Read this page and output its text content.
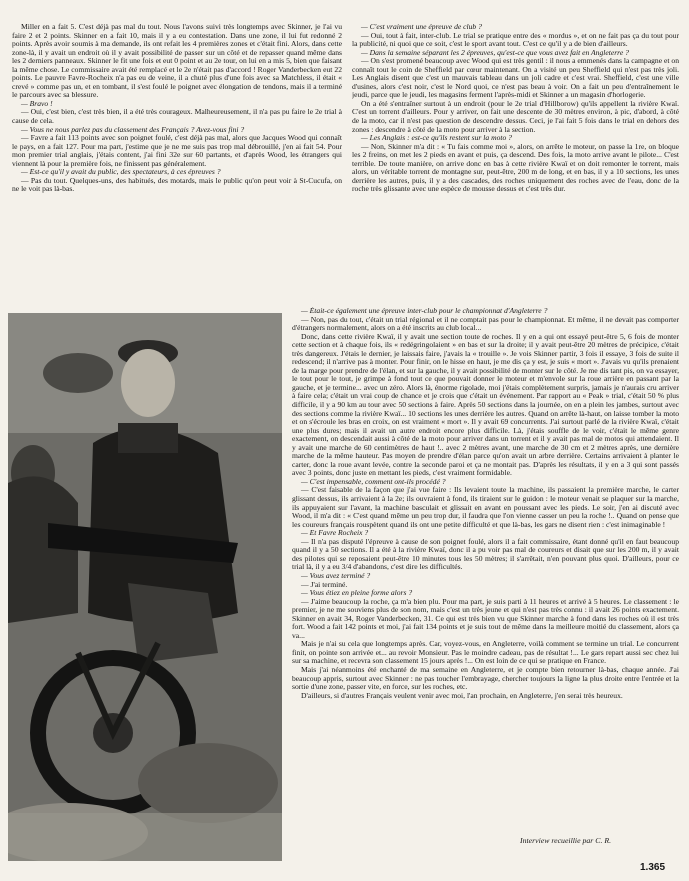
Miller en a fait 5. C'est déjà pas mal du tout. Nous l'avons suivi très longtemps avec Skinner, je l'ai vu faire 2 et 2 points. Skinner en a fait 10, mais il y a eu contestation. Dans une zone, il lui fut redonné 2 points. Après avoir soumis à ma demande, ils ont refait les 4 premières zones et c'était fini. Alors, dans cette zone-là, il y avait un endroit où il y avait possibilité de passer sur un côté et de repasser quand même dans les 2 derniers panneaux. Skinner le fit une fois et eut 0 point et au 2e tour, on lui en a mis 5, bien que faisant la même chose. Le commissaire avait été remplacé et le 2e n'était pas d'accord ! Roger Vanderbecken eut 22 points. Le pauvre Favre-Rocheix n'a pas eu de veine, il a chuté plus d'une fois avec sa Matchless, il était « crevé » comme pas un, et en tombant, il s'est foulé le poignet avec élongation de tendons, mais il a terminé le parcours avec sa blessure.

— Bravo !

— Oui, c'est bien, c'est très bien, il a été très courageux. Malheureusement, il n'a pas pu faire le 2e trial à cause de cela.

— Vous ne nous parlez pas du classement des Français ? Avez-vous fini ?

— Favre a fait 113 points avec son poignet foulé, c'est déjà pas mal, alors que Jacques Wood qui connaît le pays, en a fait 127. Pour ma part, j'estime que je ne me suis pas trop mal débrouillé, j'en ai fait 54. Pour mon premier trial anglais, j'étais content, j'ai fini 32e sur 60 partants, et d'après Wood, les étrangers qui viennent là pour la première fois, ne finissent pas généralement.

— Est-ce qu'il y avait du public, des spectateurs, à ces épreuves ?

— Pas du tout. Quelques-uns, des habitués, des motards, mais le public qu'on peut voir à St-Cucufa, on ne le voit pas là-bas.

— C'est vraiment une épreuve de club ?

— Oui, tout à fait, inter-club. Le trial se pratique entre des « mordus », et on ne fait pas ça du tout pour la publicité, ni quoi que ce soit, c'est le sport avant tout. C'est ce qu'il y a de bien d'ailleurs.

— Dans la semaine séparant les 2 épreuves, qu'est-ce que vous avez fait en Angleterre ?

— On s'est promené beaucoup avec Wood qui est très gentil : il nous a emmenés dans la campagne et on connaît tout le coin de Sheffield par cœur maintenant. On a visité un peu Sheffield qui n'est pas très joli. Les Anglais disent que c'est un mauvais tableau dans un joli cadre et c'est vrai. Sheffield, c'est une ville d'usines, alors c'est noir, c'est le Nord quoi, ce n'est pas beau à voir. On a fait un peu d'entraînement le jeudi, parce que le jeudi, les magasins ferment l'après-midi et Skinner a un magasin d'horlogerie.

On a été s'entraîner surtout à un endroit (pour le 2e trial d'Hillborow) qu'ils appellent la rivière Kwaï. C'est un torrent d'ailleurs. Pour y arriver, on fait une descente de 30 mètres environ, à pic, d'abord, à côté de la moto, car il n'est pas question de descendre dessus. Ceci, je l'ai fait 5 fois dans le trial en dehors des zones : descendre à côté de la moto pour arriver à la section.

— Les Anglais : est-ce qu'ils restent sur la moto ?

— Non, Skinner m'a dit : « Tu fais comme moi », alors, on arrête le moteur, on passe la 1re, on bloque les 2 freins, on met les 2 pieds en avant et puis, ça descend. Des fois, la moto arrive avant le pilote... C'est terrible. De toute manière, on arrive donc en bas à cette rivière Kwaï et on doit remonter le torrent, mais alors, un véritable torrent de montagne sur, peut-être, 200 m de long, et en bas, il y a 10 sections, les unes derrière les autres, puis, il y a des cascades, des roches uniquement des roches avec de l'eau, donc de la roche très glissante avec une espèce de mousse dessus et c'est très dur.

— Était-ce également une épreuve inter-club pour le championnat d'Angleterre ?

— Non, pas du tout, c'était un trial régional et il ne comptait pas pour le championnat. Et même, il ne devait pas comporter d'étrangers normalement, alors on a été inscrits au club local...

Donc, dans cette rivière Kwaï, il y avait une section toute de roches. Il y en a qui ont essayé peut-être 5, 6 fois de monter cette section et à chaque fois, ils « redégringolaient » en bas et sur la droite; il y avait peut-être 20 mètres de précipice, c'était très dangereux. J'étais le dernier, je laissais faire, j'avais la « trouille ». Je vois Skinner partir, 3 fois il essaye, 3 fois de suite il redescend; il n'arrive pas à monter. Pour finir, on le hisse en haut, je me dis ça y est, je suis « mort ». J'avais vu qu'ils prenaient de la marge pour prendre de l'élan, et sur la gauche, il y avait possibilité de monter sur le côté. Je me dis tant pis, on va essayer, le tout pour le tout, je grimpe à fond tout ce que pouvait donner le moteur et m'envole sur la roue arrière en passant par la gauche, et je termine... avec un zéro. Alors là, énorme rigolade, moi j'étais complètement surpris, jamais je n'aurais cru arriver à faire cela; c'était un vrai coup de chance et je crois que c'était un événement. Par rapport au « Peak » trial, c'était 50 % plus difficile, il y a 90 km au tour avec 50 sections à faire. Après 50 sections dans la journée, on en a plein les jambes, surtout avec des sections comme la rivière Kwaï... 10 sections les unes derrière les autres. Quand on arrête là-haut, on laisse tomber la moto et on s'écroule les bras en croix, on est vraiment « mort ». Il y avait 69 concurrents. J'ai surtout parlé de la rivière Kwaï, c'était une plus dures; mais il avait un autre endroit encore plus difficile. Là, j'étais souffle de le voir, c'était le même genre exactement, on descendait aussi à côté de la moto pour arriver dans un torrent et il y avait pas mal de motos qui attendaient. Il y avait une marche de 60 centimètres de haut !.. avec 2 mètres avant, une marche de 30 cm et 2 mètres après, une dernière marche de la même hauteur. Pas moyen de prendre d'élan parce qu'on avait un arbre derrière. Certains arrivaient à planter le carter, donc la roue avant levée, contre la seconde paroi et ça ne montait pas. D'après les résultats, il y en a 3 qui sont passés avec 3 points, donc juste en mettant les pieds, c'est vraiment formidable.

— C'est impensable, comment ont-ils procédé ?

— C'est faisable de la façon que j'ai vue faire : Ils levaient toute la machine, ils passaient la première marche, le carter glissant dessus, ils arrivaient à la 2e; ils ouvraient à fond, ils tiraient sur le guidon : le moteur venait se plaquer sur la marche, ils appuyaient sur l'avant, la machine basculait et glissait en avant en poussant avec les pieds. Le soir, j'en ai discuté avec Wood, il m'a dit : « C'est quand même un peu trop dur, il faudra que l'on vienne casser un peu la roche !.. Quand on pense que les coureurs français rouspètent quand ils ont une petite difficulté et que là-bas, les gars ne disent rien : c'est inimaginable !

— Et Favre Rocheix ?

— Il n'a pas disputé l'épreuve à cause de son poignet foulé, alors il a fait commissaire, étant donné qu'il en faut beaucoup quand il y a 50 sections. Il a été à la rivière Kwaï, donc il a pu voir pas mal de coureurs et disait que sur les 200 m, il y avait des pilotes qui se reposaient peut-être 10 minutes tous les 50 mètres; il s'arrêtait, n'en pouvant plus quoi. D'ailleurs, pour ce trial là, il y a eu 3/4 d'abandons, c'est dire les difficultés.

— Vous avez terminé ?

— J'ai terminé.

— Vous étiez en pleine forme alors ?

— J'aime beaucoup la roche, ça m'a bien plu. Pour ma part, je suis parti à 11 heures et arrivé à 5 heures. Le classement : le premier, je ne me souviens plus de son nom, mais c'est un très jeune et qui n'est pas très connu : il avait 26 points exactement. Skinner en avait 34, Roger Vanderbecken, 31. Ce qui est très bien vu que Skinner marche à fond dans les roches où il est très fort. Wood a fait 142 points et moi, j'ai fait 134 points et je suis tout de même dans la meilleure moitié du classement, alors ça va...

Mais je n'ai su cela que longtemps après. Car, voyez-vous, en Angleterre, voilà comment se termine un trial. Le concurrent finit, on pointe son arrivée et... au revoir Monsieur. Pas le moindre cadeau, pas de résultat !... Le gars repart aussi sec chez lui sur sa machine, et recevra son classement 15 jours après !... On est loin de ce qui se pratique en France.

Mais j'ai néanmoins été enchanté de ma semaine en Angleterre, et je compte bien retourner là-bas, chaque année. J'ai beaucoup appris, surtout avec Skinner : ne pas toucher l'embrayage, chercher toujours la ligne la plus droite entre l'entrée et la sortie d'une zone, passer vite, en force, sur les roches, etc.

D'ailleurs, si d'autres Français veulent venir avec moi, l'an prochain, en Angleterre, j'en serai très heureux.

Interview recueillie par C. R.
1.365
